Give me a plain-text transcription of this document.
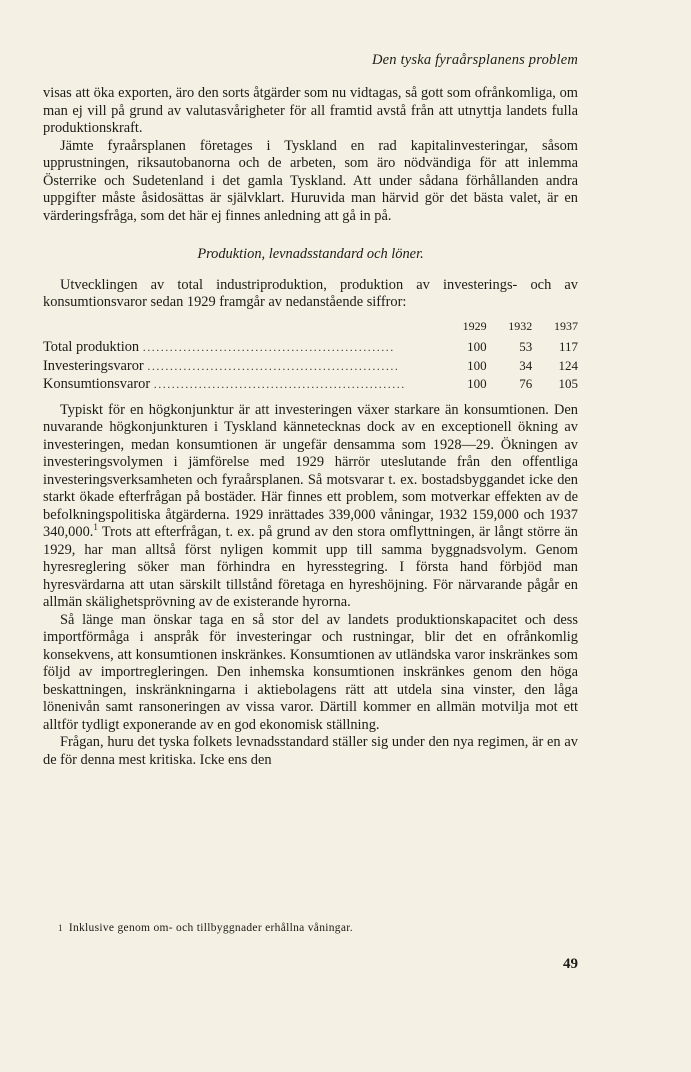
Den tyska fyraårsplanens problem

visas att öka exporten, äro den sorts åtgärder som nu vidtagas, så gott som ofrånkomliga, om man ej vill på grund av valutasvårigheter för all framtid avstå från att utnyttja landets fulla produktionskraft.

Jämte fyraårsplanen företages i Tyskland en rad kapitalinvesteringar, såsom upprustningen, riksautobanorna och de arbeten, som äro nödvändiga för att inlemma Österrike och Sudetenland i det gamla Tyskland. Att under sådana förhållanden andra uppgifter måste åsidosättas är självklart. Huruvida man härvid gör det bästa valet, är en värderingsfråga, som det här ej finnes anledning att gå in på.

Produktion, levnadsstandard och löner.

Utvecklingen av total industriproduktion, produktion av investerings- och av konsumtionsvaror sedan 1929 framgår av nedanstående siffror:

	1929	1932	1937
Total produktion ........................................................	100	53	117
Investeringsvaror ........................................................	100	34	124
Konsumtionsvaror ........................................................	100	76	105

Typiskt för en högkonjunktur är att investeringen växer starkare än konsumtionen. Den nuvarande högkonjunkturen i Tyskland kännetecknas dock av en exceptionell ökning av investeringen, medan konsumtionen är ungefär densamma som 1928—29. Ökningen av investeringsvolymen i jämförelse med 1929 härrör uteslutande från den offentliga investeringsverksamheten och fyraårsplanen. Så motsvarar t. ex. bostadsbyggandet icke den starkt ökade efterfrågan på bostäder. Här finnes ett problem, som motverkar effekten av de befolkningspolitiska åtgärderna. 1929 inrättades 339,000 våningar, 1932 159,000 och 1937 340,000.$^1$ Trots att efterfrågan, t. ex. på grund av den stora omflyttningen, är långt större än 1929, har man alltså först nyligen kommit upp till samma byggnadsvolym. Genom hyresreglering söker man förhindra en hyresstegring. I första hand förbjöd man hyresvärdarna att utan särskilt tillstånd företaga en hyreshöjning. För närvarande pågår en allmän skälighetsprövning av de existerande hyrorna.

Så länge man önskar taga en så stor del av landets produktionskapacitet och dess importförmåga i anspråk för investeringar och rustningar, blir det en ofrånkomlig konsekvens, att konsumtionen inskränkes. Konsumtionen av utländska varor inskränkes som följd av importregleringen. Den inhemska konsumtionen inskränkes genom den höga beskattningen, inskränkningarna i aktiebolagens rätt att utdela sina vinster, den låga lönenivån samt ransoneringen av vissa varor. Därtill kommer en allmän motvilja mot ett alltför tydligt exponerande av en god ekonomisk ställning.

Frågan, huru det tyska folkets levnadsstandard ställer sig under den nya regimen, är en av de för denna mest kritiska. Icke ens den

$^1$ Inklusive genom om- och tillbyggnader erhållna våningar.
49
